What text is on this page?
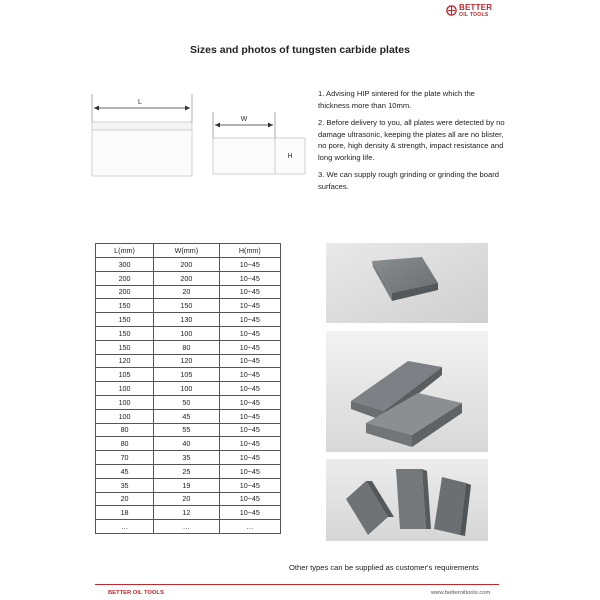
BETTER
OIL TOOLS
Sizes and photos of tungsten carbide plates
L
W
H

1. Advising HIP sintered for the plate which the thickness more than 10mm.

2. Before delivery to you, all plates were detected by no damage ultrasonic, keeping the plates all are no blister, no pore, high density & strength, impact resistance and long working life.

3. We can supply rough grinding or grinding the board surfaces.

L(mm)	W(mm)	H(mm)
300	200	10~45
200	200	10~45
200	20	10~45
150	150	10~45
150	130	10~45
150	100	10~45
150	80	10~45
120	120	10~45
105	105	10~45
100	100	10~45
100	50	10~45
100	45	10~45
80	55	10~45
80	40	10~45
70	35	10~45
45	25	10~45
35	19	10~45
20	20	10~45
18	12	10~45
…	…	…
Other types can be supplied as customer's requirements
BETTER OIL TOOLS	www.betteroiltools.com
